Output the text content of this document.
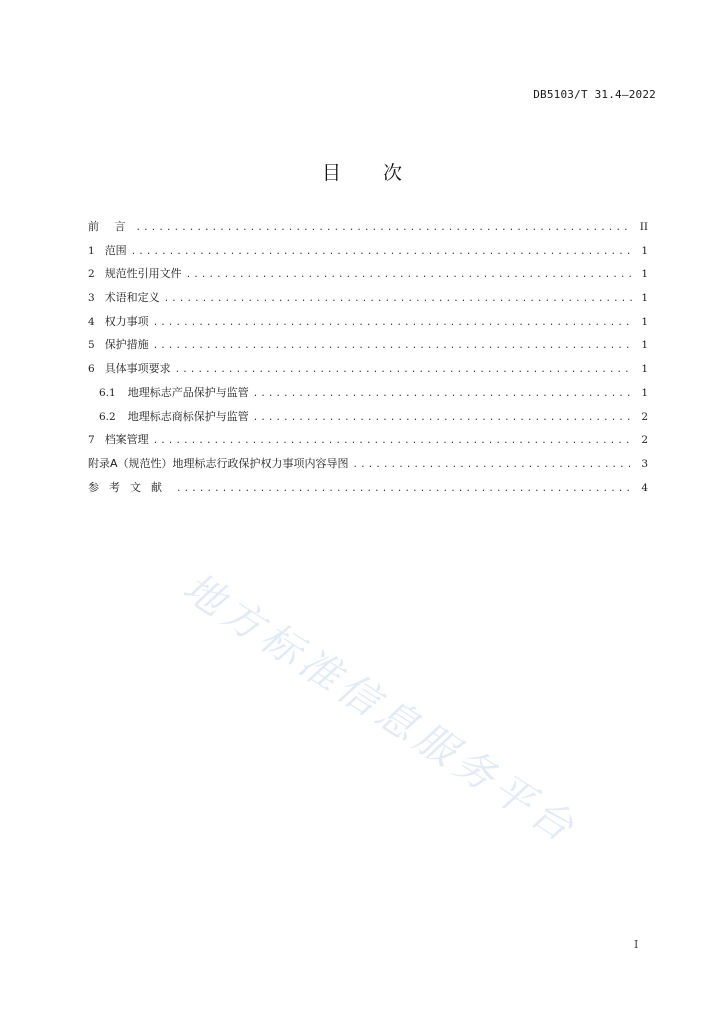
DB5103/T 31.4—2022
目 次
前 言 .....	II
1 范围 .....	1
2 规范性引用文件 .....	1
3 术语和定义 .....	1
4 权力事项 .....	1
5 保护措施 .....	1
6 具体事项要求 .....	1
6.1 地理标志产品保护与监管 .....	1
6.2 地理标志商标保护与监管 .....	2
7 档案管理 .....	2
附录A（规范性）地理标志行政保护权力事项内容导图 .....	3
参考文献 .....	4
地方标准信息服务平台
I
